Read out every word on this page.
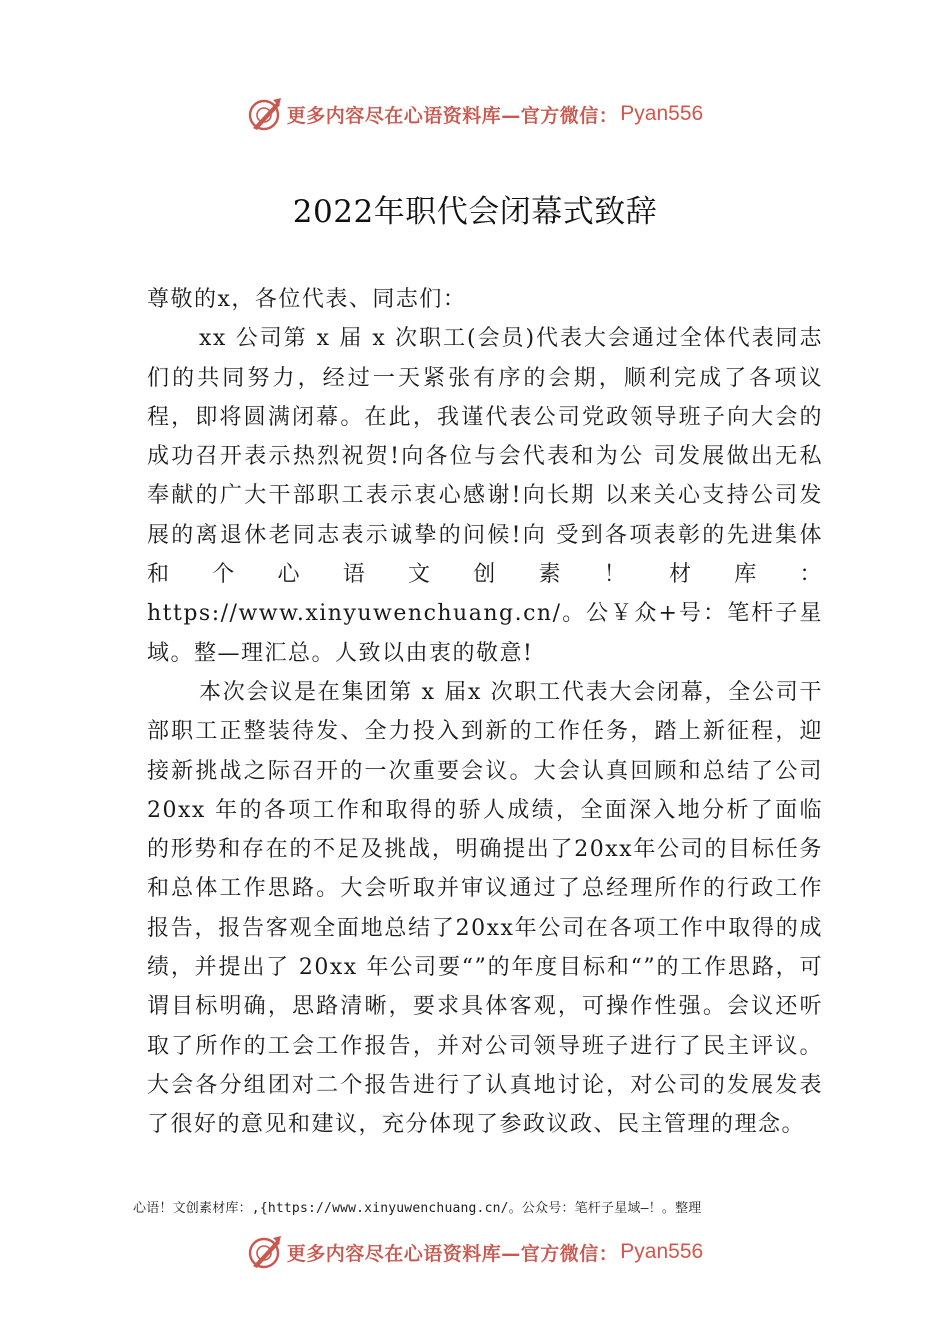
更多内容尽在心语资料库—官方微信： Pyan556
2022年职代会闭幕式致辞

尊敬的x，各位代表、同志们：

xx 公司第 x 届 x 次职工(会员)代表大会通过全体代表同志们的共同努力，经过一天紧张有序的会期，顺利完成了各项议程，即将圆满闭幕。在此，我谨代表公司党政领导班子向大会的成功召开表示热烈祝贺!向各位与会代表和为公 司发展做出无私奉献的广大干部职工表示衷心感谢!向长期 以来关心支持公司发展的离退休老同志表示诚挚的问候!向 受到各项表彰的先进集体和个心语文创素！材库：https://www.xinyuwenchuang.cn/。公￥众+号：笔杆子星域。整—理汇总。人致以由衷的敬意!

本次会议是在集团第 x 届x 次职工代表大会闭幕，全公司干部职工正整装待发、全力投入到新的工作任务，踏上新征程，迎接新挑战之际召开的一次重要会议。大会认真回顾和总结了公司 20xx 年的各项工作和取得的骄人成绩，全面深入地分析了面临的形势和存在的不足及挑战，明确提出了20xx年公司的目标任务和总体工作思路。大会听取并审议通过了总经理所作的行政工作报告，报告客观全面地总结了20xx年公司在各项工作中取得的成绩，并提出了 20xx 年公司要“”的年度目标和“”的工作思路，可谓目标明确，思路清晰，要求具体客观，可操作性强。会议还听取了所作的工会工作报告，并对公司领导班子进行了民主评议。大会各分组团对二个报告进行了认真地讨论，对公司的发展发表了很好的意见和建议，充分体现了参政议政、民主管理的理念。

心语！文创素材库：,{https://www.xinyuwenchuang.cn/。公众号：笔杆子星域—！。整理
更多内容尽在心语资料库—官方微信： Pyan556
